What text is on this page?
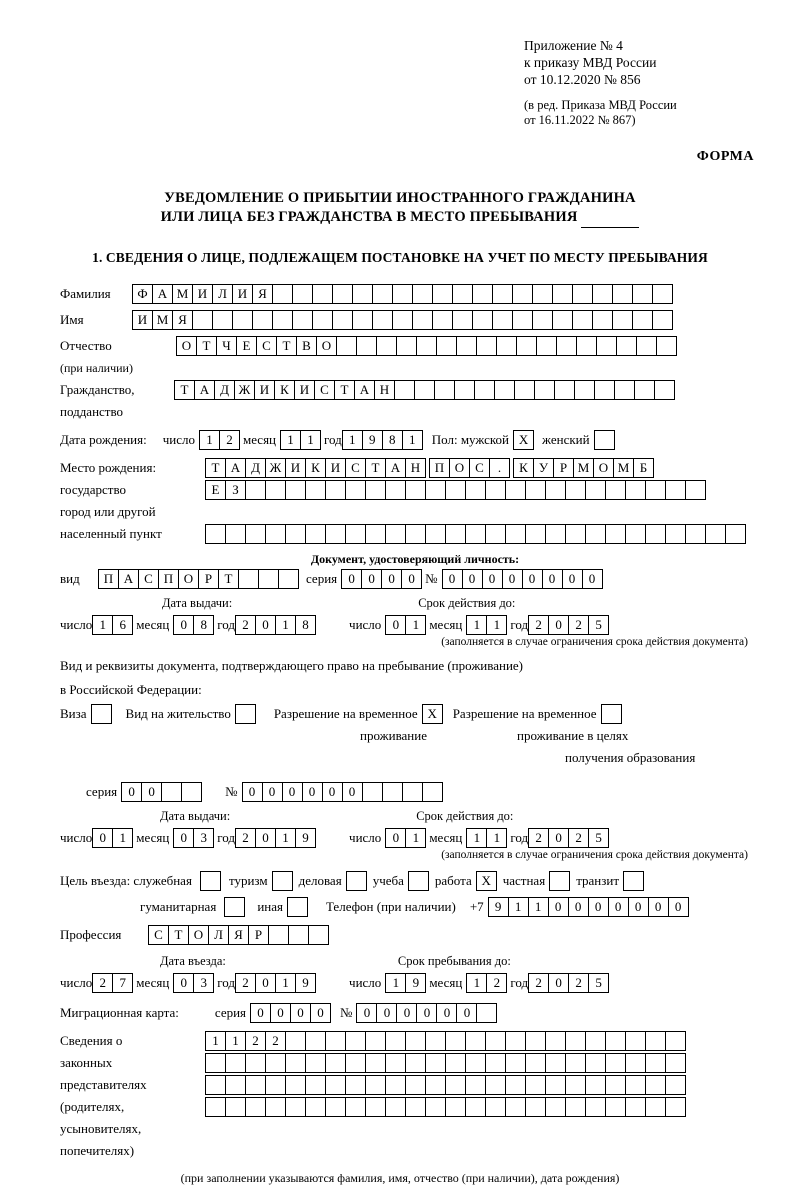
Приложение № 4
к приказу МВД России
от 10.12.2020 № 856
(в ред. Приказа МВД России
от 16.11.2022 № 867)
ФОРМА
УВЕДОМЛЕНИЕ О ПРИБЫТИИ ИНОСТРАННОГО ГРАЖДАНИНА
ИЛИ ЛИЦА БЕЗ ГРАЖДАНСТВА В МЕСТО ПРЕБЫВАНИЯ
1. СВЕДЕНИЯ О ЛИЦЕ, ПОДЛЕЖАЩЕМ ПОСТАНОВКЕ НА УЧЕТ ПО МЕСТУ ПРЕБЫВАНИЯ
Фамилия	Ф А М И Л И Я
Имя	И М Я
Отчество	О Т Ч Е С Т В О
(при наличии)
Гражданство,	Т А Д Ж И К И С Т А Н
подданство
Дата рождения: число 1	2 месяц 1	1 год 1	9	8	1	Пол: мужской Х	женский
Место рождения:	Т А Д Ж И К И С Т А Н	П О С	.	К У Р М О М Б
государство	Е З
город или другой
населенный пункт
Документ, удостоверяющий личность:
вид	П А С П О Р Т	серия 0	0	0	0 № 0	0	0	0	0	0	0	0
Дата выдачи:	Срок действия до:
число 1	6 месяц 0	8 год 2	0	1	8	число 0	1 месяц 1	1 год 2	0	2	5
(заполняется в случае ограничения срока действия документа)
Вид и реквизиты документа, подтверждающего право на пребывание (проживание)
в Российской Федерации:
Виза	Вид на жительство	Разрешение на временное Х	Разрешение на временное
проживание	проживание в целях
получения образования
серия 0	0	№ 0	0	0	0	0	0
Дата выдачи:	Срок действия до:
число 0	1 месяц 0	3 год 2	0	1	9	число 0	1 месяц 1	1 год 2	0	2	5
(заполняется в случае ограничения срока действия документа)
Цель въезда: служебная	туризм	деловая	учеба	работа Х частная	транзит
гуманитарная	иная	Телефон (при наличии)	+7 9	1	1	0	0	0	0	0	0	0
Профессия	С Т О Л Я Р
Дата въезда:	Срок пребывания до:
число 2	7 месяц 0	3 год 2	0	1	9	число 1	9 месяц 1	2 год 2	0	2	5
Миграционная карта:	серия 0	0	0	0	№ 0	0	0	0	0	0
Сведения о	1	1	2	2
законных
представителях
(родителях,
усыновителях,
попечителях)
(при заполнении указываются фамилия, имя, отчество (при наличии), дата рождения)
